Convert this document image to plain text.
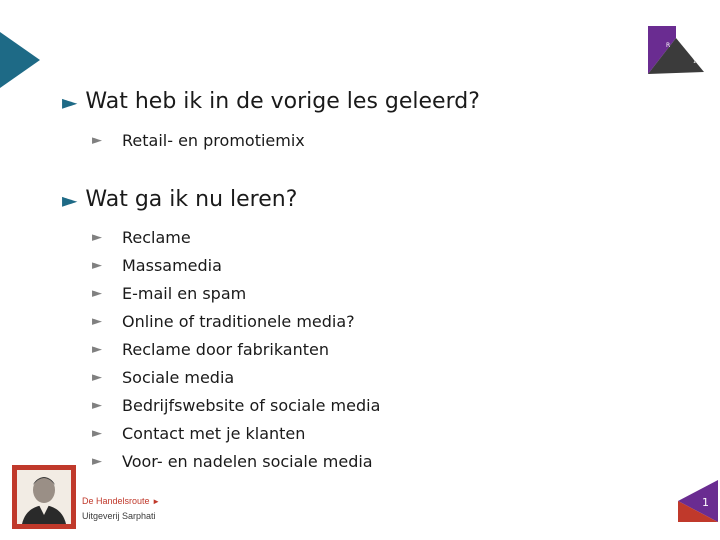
R
1
► Wat heb ik in de vorige les geleerd?
►	Retail- en promotiemix
► Wat ga ik nu leren?
►	Reclame
►	Massamedia
►	E-mail en spam
►	Online of traditionele media?
►	Reclame door fabrikanten
►	Sociale media
►	Bedrijfswebsite of sociale media
►	Contact met je klanten
►	Voor- en nadelen sociale media
De Handelsroute ►
Uitgeverij Sarphati
1
